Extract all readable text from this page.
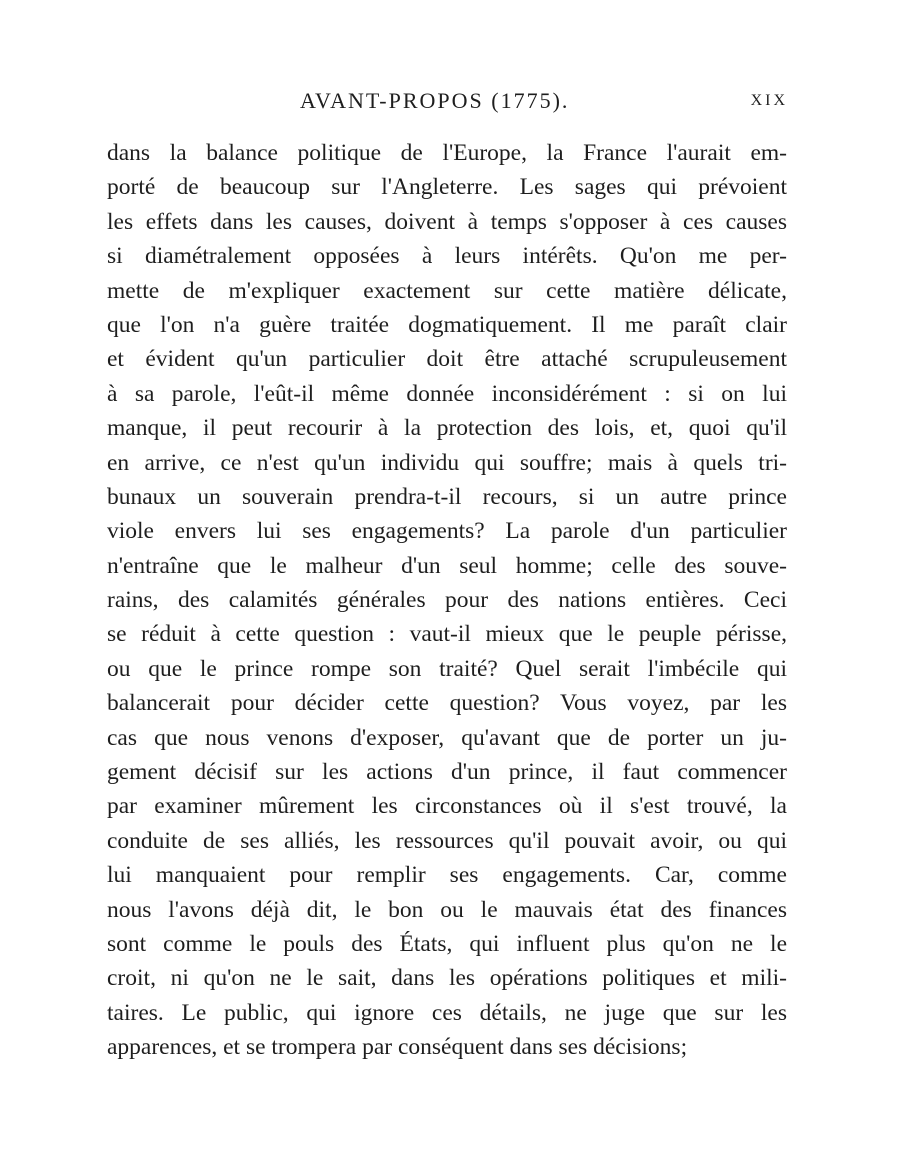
AVANT-PROPOS (1775).	XIX
dans la balance politique de l'Europe, la France l'aurait em-
porté de beaucoup sur l'Angleterre. Les sages qui prévoient
les effets dans les causes, doivent à temps s'opposer à ces causes
si diamétralement opposées à leurs intérêts. Qu'on me per-
mette de m'expliquer exactement sur cette matière délicate,
que l'on n'a guère traitée dogmatiquement. Il me paraît clair
et évident qu'un particulier doit être attaché scrupuleusement
à sa parole, l'eût-il même donnée inconsidérément : si on lui
manque, il peut recourir à la protection des lois, et, quoi qu'il
en arrive, ce n'est qu'un individu qui souffre; mais à quels tri-
bunaux un souverain prendra-t-il recours, si un autre prince
viole envers lui ses engagements? La parole d'un particulier
n'entraîne que le malheur d'un seul homme; celle des souve-
rains, des calamités générales pour des nations entières. Ceci
se réduit à cette question : vaut-il mieux que le peuple périsse,
ou que le prince rompe son traité? Quel serait l'imbécile qui
balancerait pour décider cette question? Vous voyez, par les
cas que nous venons d'exposer, qu'avant que de porter un ju-
gement décisif sur les actions d'un prince, il faut commencer
par examiner mûrement les circonstances où il s'est trouvé, la
conduite de ses alliés, les ressources qu'il pouvait avoir, ou qui
lui manquaient pour remplir ses engagements. Car, comme
nous l'avons déjà dit, le bon ou le mauvais état des finances
sont comme le pouls des États, qui influent plus qu'on ne le
croit, ni qu'on ne le sait, dans les opérations politiques et mili-
taires. Le public, qui ignore ces détails, ne juge que sur les
apparences, et se trompera par conséquent dans ses décisions;
